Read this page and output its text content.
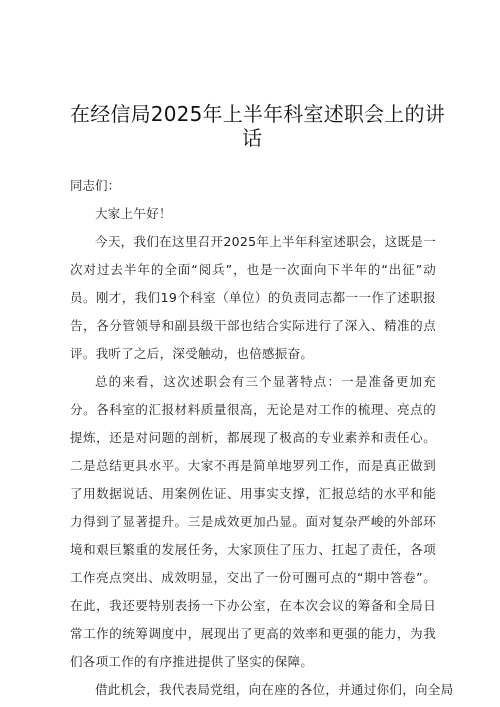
在经信局2025年上半年科室述职会上的讲
话

同志们：

大家上午好！

今天，我们在这里召开2025年上半年科室述职会，这既是一次对过去半年的全面“阅兵”，也是一次面向下半年的“出征”动员。刚才，我们19个科室（单位）的负责同志都一一作了述职报告，各分管领导和副县级干部也结合实际进行了深入、精准的点评。我听了之后，深受触动，也倍感振奋。

总的来看，这次述职会有三个显著特点：一是准备更加充分。各科室的汇报材料质量很高，无论是对工作的梳理、亮点的提炼，还是对问题的剖析，都展现了极高的专业素养和责任心。二是总结更具水平。大家不再是简单地罗列工作，而是真正做到了用数据说话、用案例佐证、用事实支撑，汇报总结的水平和能力得到了显著提升。三是成效更加凸显。面对复杂严峻的外部环境和艰巨繁重的发展任务，大家顶住了压力、扛起了责任，各项工作亮点突出、成效明显，交出了一份可圈可点的“期中答卷”。在此，我还要特别表扬一下办公室，在本次会议的筹备和全局日常工作的统筹调度中，展现出了更高的效率和更强的能力，为我们各项工作的有序推进提供了坚实的保障。

借此机会，我代表局党组，向在座的各位，并通过你们，向全局
